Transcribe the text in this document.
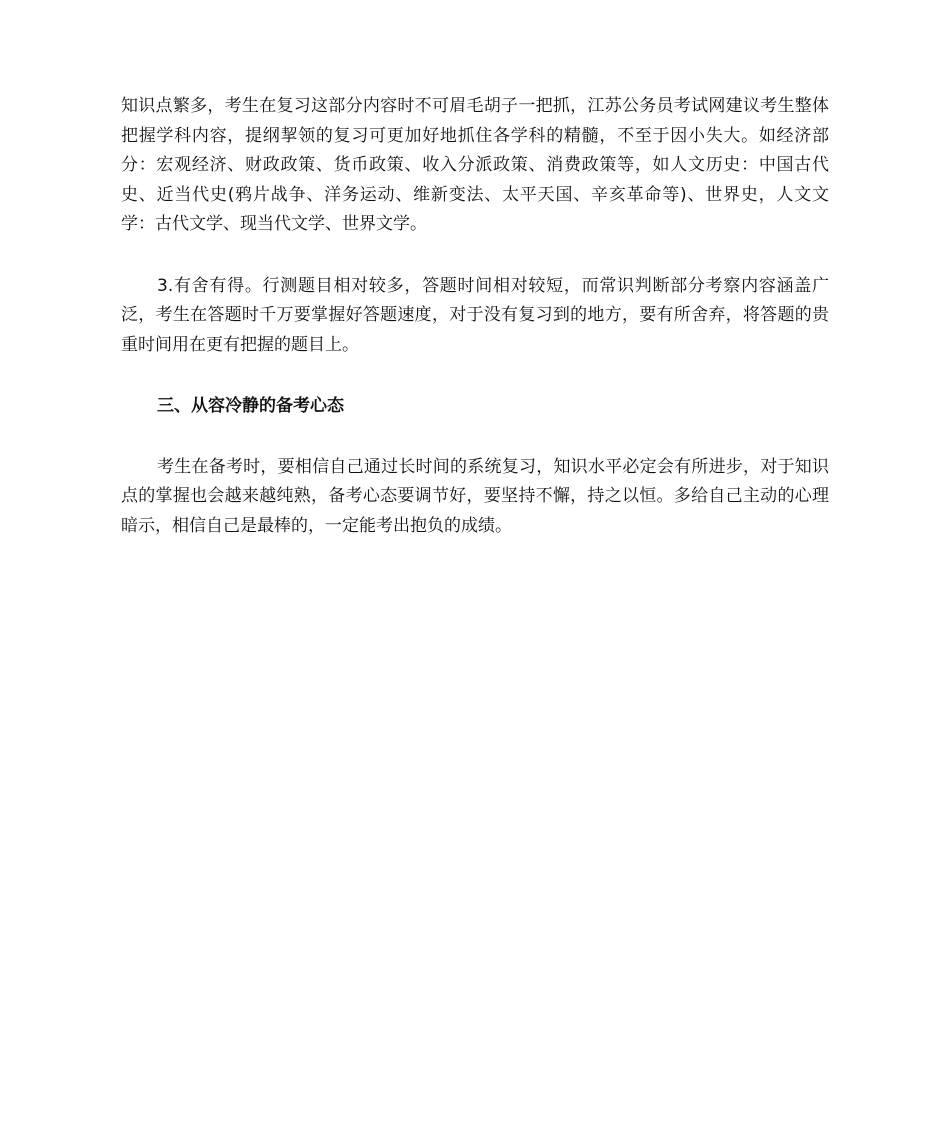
知识点繁多，考生在复习这部分内容时不可眉毛胡子一把抓，江苏公务员考试网建议考生整体把握学科内容，提纲挈领的复习可更加好地抓住各学科的精髓，不至于因小失大。如经济部分：宏观经济、财政政策、货币政策、收入分派政策、消费政策等，如人文历史：中国古代史、近当代史(鸦片战争、洋务运动、维新变法、太平天国、辛亥革命等)、世界史，人文文学：古代文学、现当代文学、世界文学。

3.有舍有得。行测题目相对较多，答题时间相对较短，而常识判断部分考察内容涵盖广泛，考生在答题时千万要掌握好答题速度，对于没有复习到的地方，要有所舍弃，将答题的贵重时间用在更有把握的题目上。

三、从容冷静的备考心态

考生在备考时，要相信自己通过长时间的系统复习，知识水平必定会有所进步，对于知识点的掌握也会越来越纯熟，备考心态要调节好，要坚持不懈，持之以恒。多给自己主动的心理暗示，相信自己是最棒的，一定能考出抱负的成绩。
